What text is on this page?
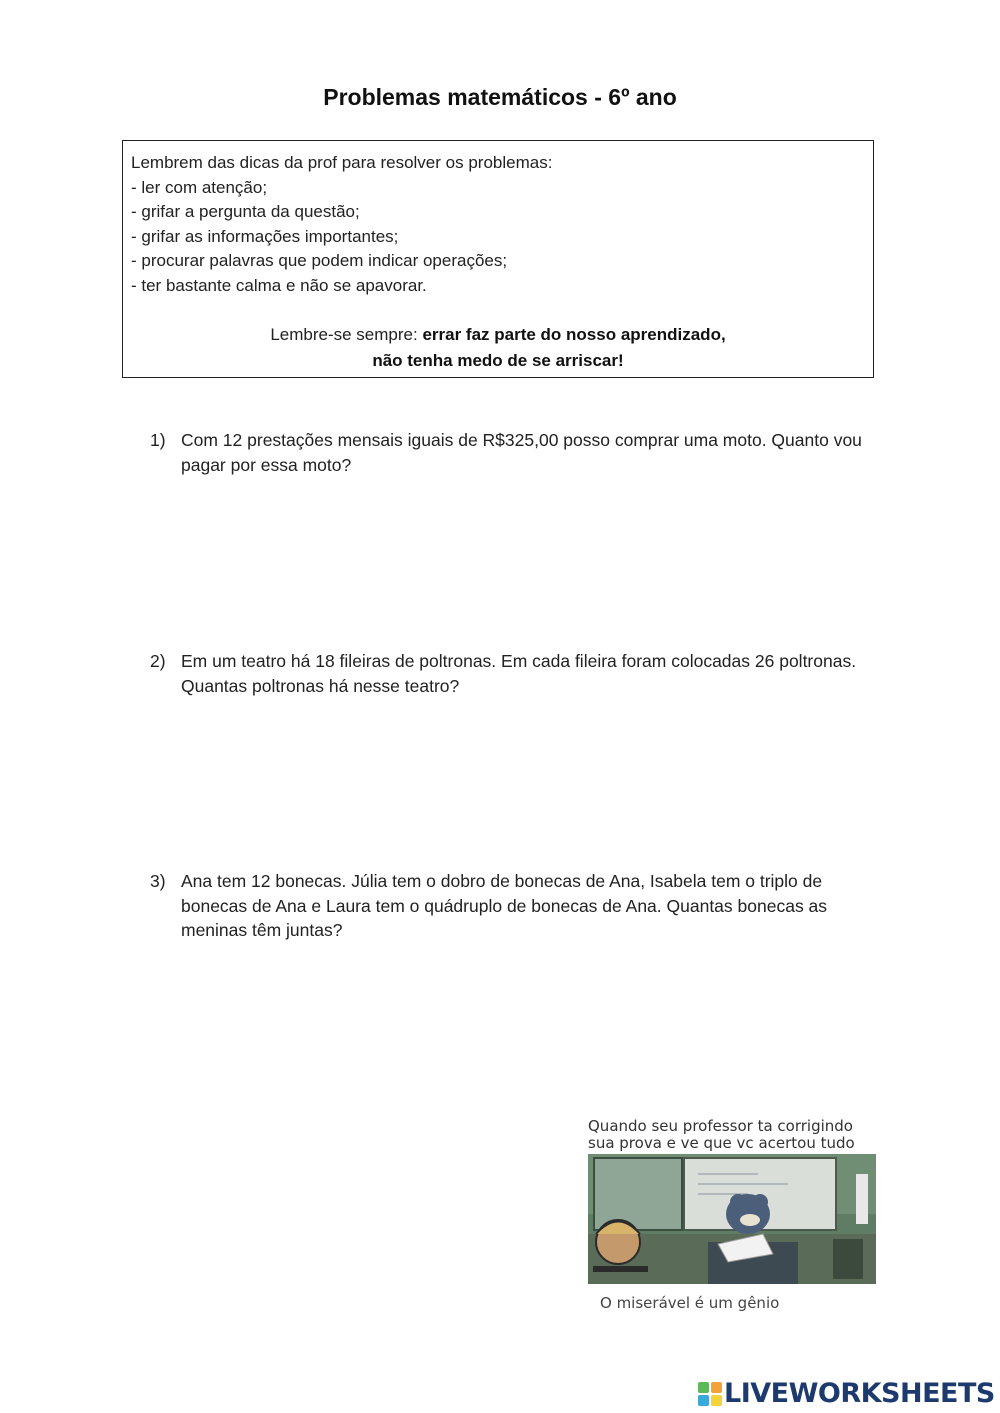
Problemas matemáticos - 6º ano
Lembrem das dicas da prof para resolver os problemas:
- ler com atenção;
- grifar a pergunta da questão;
- grifar as informações importantes;
- procurar palavras que podem indicar operações;
- ter bastante calma e não se apavorar.
Lembre-se sempre: errar faz parte do nosso aprendizado,
não tenha medo de se arriscar!
1) Com 12 prestações mensais iguais de R$325,00 posso comprar uma moto. Quanto vou pagar por essa moto?
2) Em um teatro há 18 fileiras de poltronas. Em cada fileira foram colocadas 26 poltronas. Quantas poltronas há nesse teatro?
3) Ana tem 12 bonecas. Júlia tem o dobro de bonecas de Ana, Isabela tem o triplo de bonecas de Ana e Laura tem o quádruplo de bonecas de Ana. Quantas bonecas as meninas têm juntas?
Quando seu professor ta corrigindo
sua prova e ve que vc acertou tudo
O miserável é um gênio
LIVEWORKSHEETS
